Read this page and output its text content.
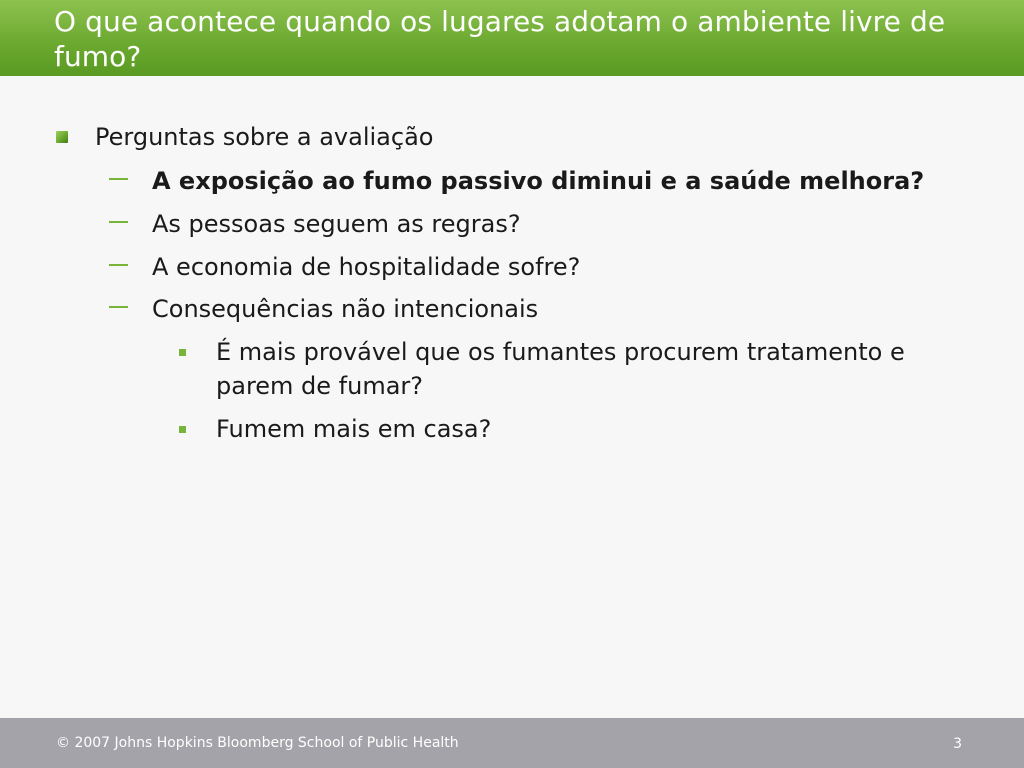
O que acontece quando os lugares adotam o ambiente livre de fumo?
Perguntas sobre a avaliação
A exposição ao fumo passivo diminui e a saúde melhora?
As pessoas seguem as regras?
A economia de hospitalidade sofre?
Consequências não intencionais
É mais provável que os fumantes procurem tratamento e parem de fumar?
Fumem mais em casa?
© 2007 Johns Hopkins Bloomberg School of Public Health	3
